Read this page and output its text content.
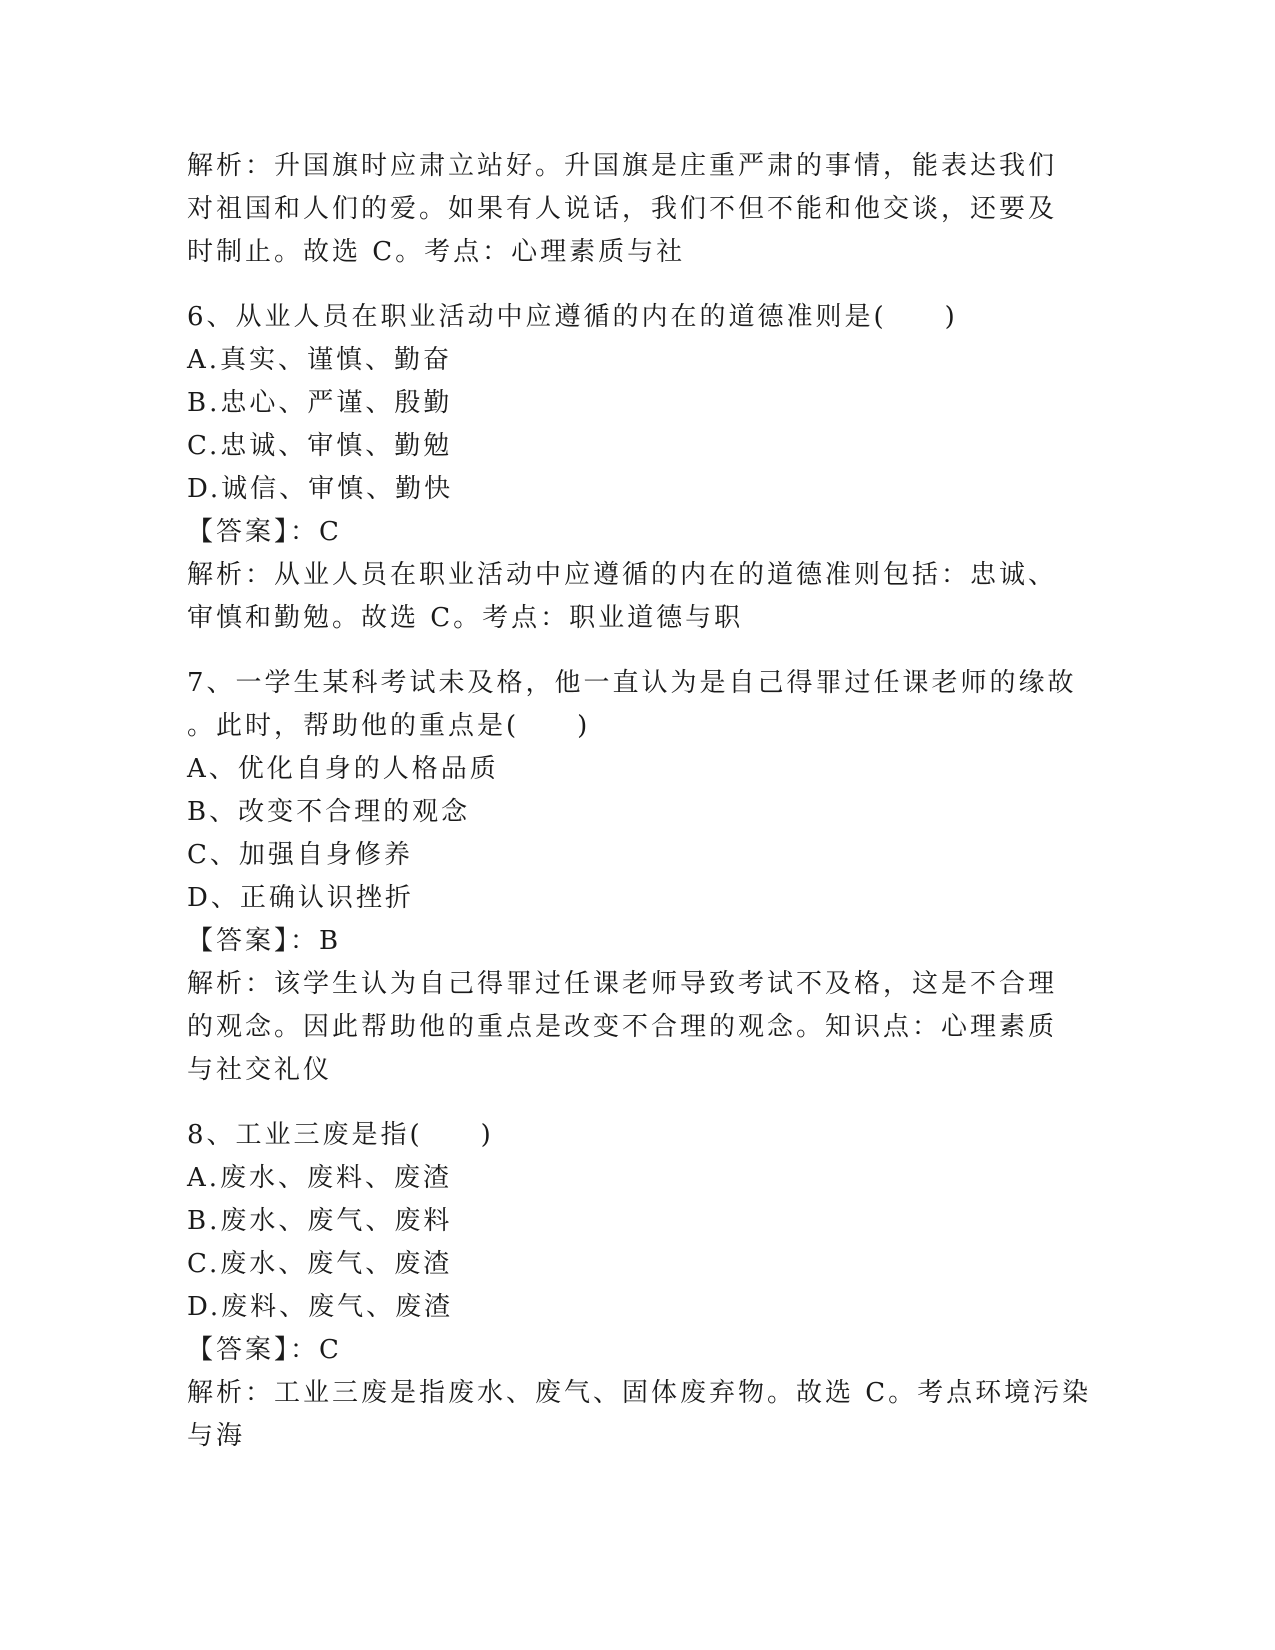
解析：升国旗时应肃立站好。升国旗是庄重严肃的事情，能表达我们

对祖国和人们的爱。如果有人说话，我们不但不能和他交谈，还要及

时制止。故选 C。考点：心理素质与社

6、从业人员在职业活动中应遵循的内在的道德准则是(　　)

A.真实、谨慎、勤奋

B.忠心、严谨、殷勤

C.忠诚、审慎、勤勉

D.诚信、审慎、勤快

【答案】：C

解析：从业人员在职业活动中应遵循的内在的道德准则包括：忠诚、

审慎和勤勉。故选 C。考点：职业道德与职

7、一学生某科考试未及格，他一直认为是自己得罪过任课老师的缘故

。此时，帮助他的重点是(　　)

A、优化自身的人格品质

B、改变不合理的观念

C、加强自身修养

D、正确认识挫折

【答案】：B

解析：该学生认为自己得罪过任课老师导致考试不及格，这是不合理

的观念。因此帮助他的重点是改变不合理的观念。知识点：心理素质

与社交礼仪

8、工业三废是指(　　)

A.废水、废料、废渣

B.废水、废气、废料

C.废水、废气、废渣

D.废料、废气、废渣

【答案】：C

解析：工业三废是指废水、废气、固体废弃物。故选 C。考点环境污染

与海
